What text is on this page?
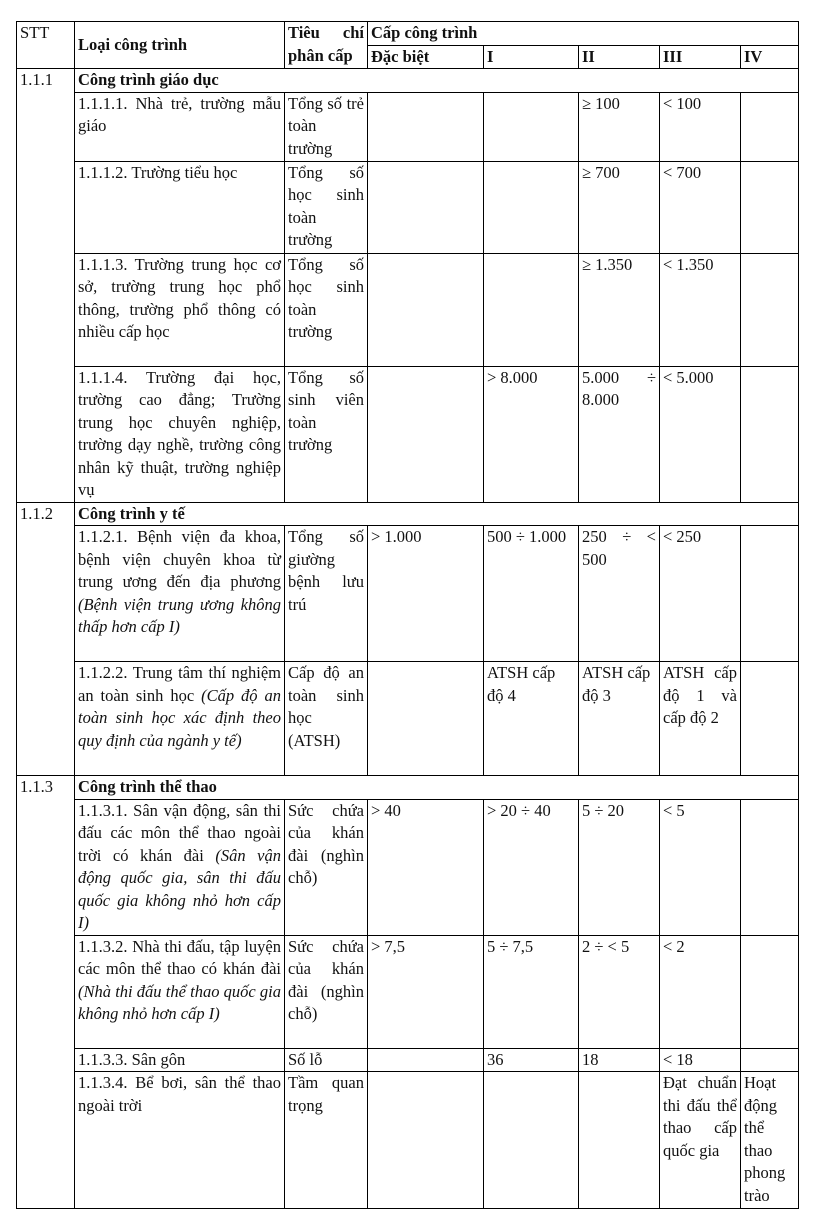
STT	Loại công trình	Tiêu chí phân cấp	Cấp công trình				
			Đặc biệt	I	II	III	IV
1.1.1	Công trình giáo dục						
	1.1.1.1. Nhà trẻ, trường mẫu giáo	Tổng số trẻ toàn trường			≥ 100	< 100	
	1.1.1.2. Trường tiểu học	Tổng số học sinh toàn trường			≥ 700	< 700	
	1.1.1.3. Trường trung học cơ sở, trường trung học phổ thông, trường phổ thông có nhiều cấp học	Tổng số học sinh toàn trường			≥ 1.350	< 1.350	
	1.1.1.4. Trường đại học, trường cao đẳng; Trường trung học chuyên nghiệp, trường dạy nghề, trường công nhân kỹ thuật, trường nghiệp vụ	Tổng số sinh viên toàn trường		> 8.000	5.000 ÷ 8.000	< 5.000	
1.1.2	Công trình y tế						
	1.1.2.1. Bệnh viện đa khoa, bệnh viện chuyên khoa từ trung ương đến địa phương (Bệnh viện trung ương không thấp hơn cấp I)	Tổng số giường bệnh lưu trú	> 1.000	500 ÷ 1.000	250 ÷ < 500	< 250	
	1.1.2.2. Trung tâm thí nghiệm an toàn sinh học (Cấp độ an toàn sinh học xác định theo quy định của ngành y tế)	Cấp độ an toàn sinh học (ATSH)		ATSH cấp độ 4	ATSH cấp độ 3	ATSH cấp độ 1 và cấp độ 2	
1.1.3	Công trình thể thao						
	1.1.3.1. Sân vận động, sân thi đấu các môn thể thao ngoài trời có khán đài (Sân vận động quốc gia, sân thi đấu quốc gia không nhỏ hơn cấp I)	Sức chứa của khán đài (nghìn chỗ)	> 40	> 20 ÷ 40	5 ÷ 20	< 5	
	1.1.3.2. Nhà thi đấu, tập luyện các môn thể thao có khán đài (Nhà thi đấu thể thao quốc gia không nhỏ hơn cấp I)	Sức chứa của khán đài (nghìn chỗ)	> 7,5	5 ÷ 7,5	2 ÷ < 5	< 2	
	1.1.3.3. Sân gôn	Số lỗ		36	18	< 18	
	1.1.3.4. Bể bơi, sân thể thao ngoài trời	Tầm quan trọng				Đạt chuẩn thi đấu thể thao cấp quốc gia	Hoạt động thể thao phong trào
